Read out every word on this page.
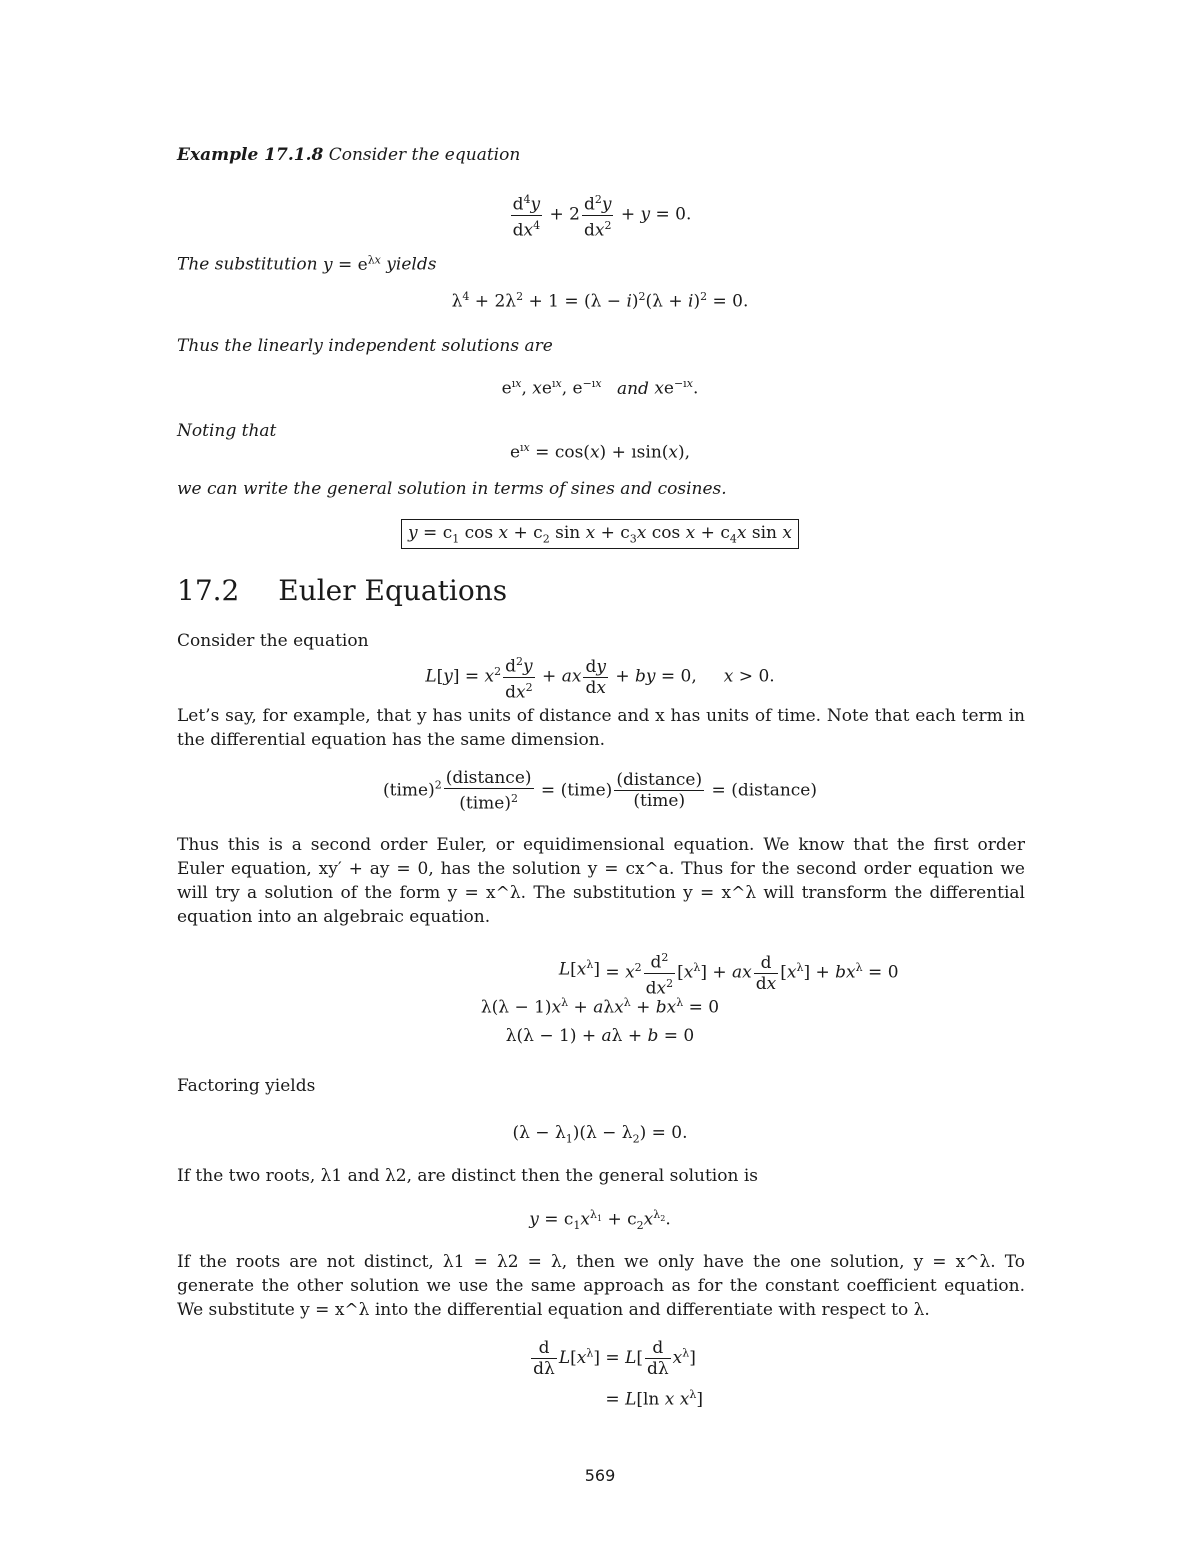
Example 17.1.8 Consider the equation
$\frac{d^4y}{dx^4} + 2 \frac{d^2y}{dx^2} + y = 0$.
The substitution $y = e^{\lambda x}$ yields
$\lambda^4 + 2\lambda^2 + 1 = (\lambda - i)^2(\lambda + i)^2 = 0$.
Thus the linearly independent solutions are
$e^{ıx}$, $xe^{ıx}$, $e^{-ıx}$ and $xe^{-ıx}$.
Noting that
$e^{ıx} = \cos(x)$ + ısin(x),
we can write the general solution in terms of sines and cosines.
$y = c_1$ $\cos x + c_2$ $\sin x + c_3x$ $\cos x + c_4x$ sin x
17.2 Euler Equations
Consider the equation
$L[y] = x^2 \frac{d^2y}{dx^2}$ + ax $\frac{dy}{dx}$ + by = 0,     x > 0.
Let’s say, for example, that y has units of distance and x has units of time. Note that each term in the differential equation has the same dimension.
(time)$^2$ $\frac{\text{(distance)}}{(time)^2}$ = (time) $\frac{\text{(distance)}}{\text{(time)}}$ = (distance)
Thus this is a second order Euler, or equidimensional equation. We know that the first order Euler equation, xy′ + ay = 0, has the solution y = cx^a. Thus for the second order equation we will try a solution of the form y = x^λ. The substitution y = x^λ will transform the differential equation into an algebraic equation.
$L[x^\lambda] = x^2 \frac{d^2}{dx^2} [x^\lambda]$ + ax $\frac{d}{dx} [x^\lambda] + bx^\lambda = 0$
$\lambda(\lambda - 1)x^\lambda + a\lambda x^\lambda + bx^\lambda = 0$
λ(λ − 1) + aλ + b = 0
Factoring yields
$(\lambda - \lambda_1)(\lambda - \lambda_2) = 0$.
If the two roots, λ1 and λ2, are distinct then the general solution is
$y = c_1x^{\lambda_1} + c_2x^{\lambda_2}$.
If the roots are not distinct, λ1 = λ2 = λ, then we only have the one solution, y = x^λ. To generate the other solution we use the same approach as for the constant coefficient equation. We substitute y = x^λ into the differential equation and differentiate with respect to λ.
$\frac{d}{d\lambda} L[x^\lambda] = L[ \frac{d}{d\lambda} x^\lambda]$
= L[ln x $x^\lambda$]
569
